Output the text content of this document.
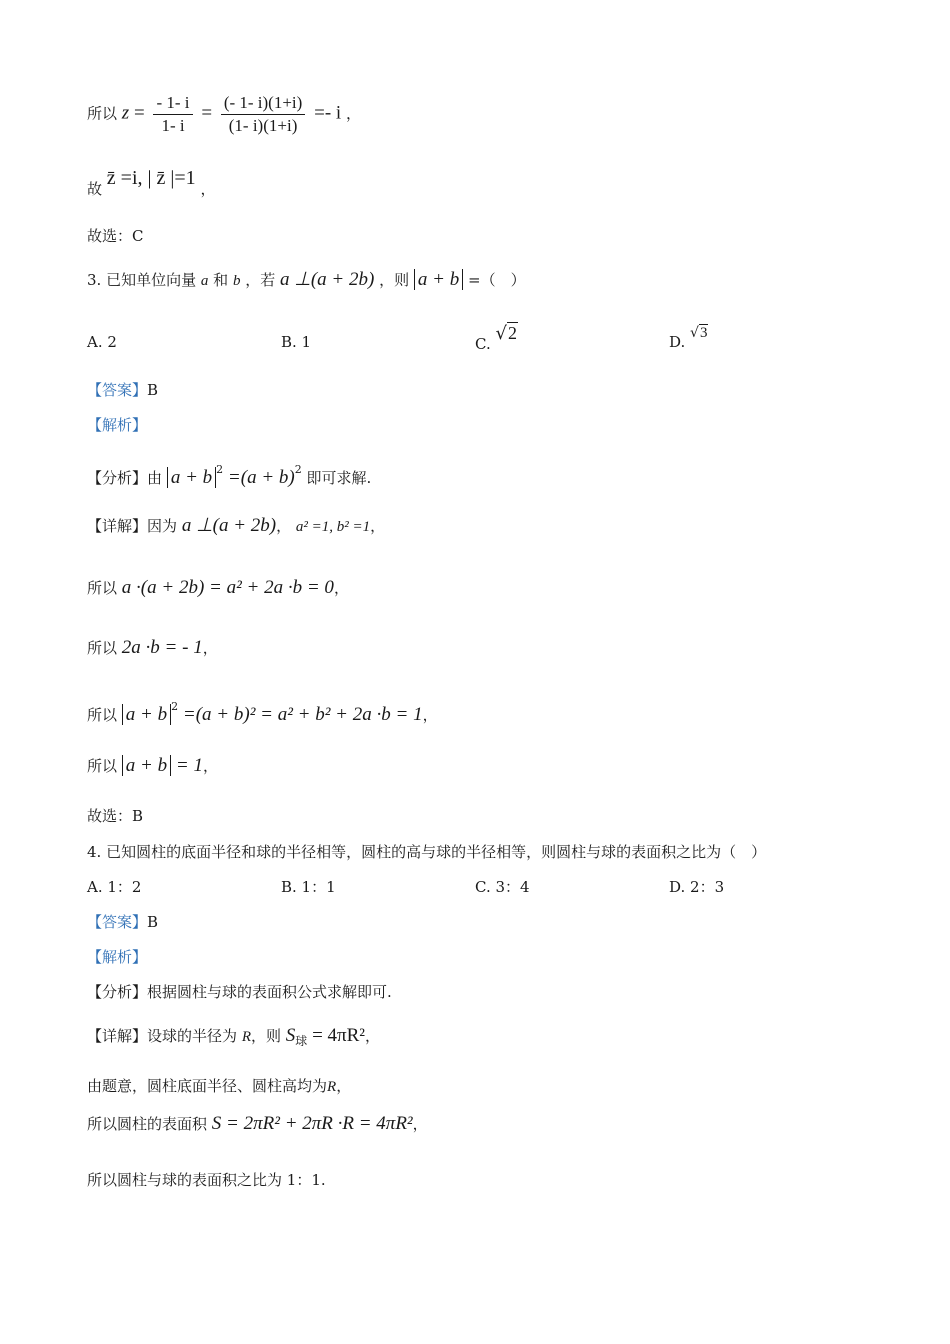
所以 $z = \frac{- 1- i}{1- i} = \frac{(- 1- i)(1+i)}{(1- i)(1+i)} =- i$ ，
故 z̄ =i, | z̄ |=1 ，
故选：C
3. 已知单位向量 a 和 b ，若 a ⊥(a + 2b) ，则 a + b =（　）
A. 2	B. 1	C. √2	D. √3
【答案】B
【解析】
【分析】由 a + b $^2 =(a + b)^2$ 即可求解.
【详解】因为 a ⊥(a + 2b)， a² =1, b² =1，
所以 a ·(a + 2b) = a² + 2a ·b = 0，
所以 2a ·b = - 1，
所以 a + b $^2$ =(a + b)² = a² + b² + 2a ·b = 1，
所以 a + b = 1，
故选：B
4. 已知圆柱的底面半径和球的半径相等，圆柱的高与球的半径相等，则圆柱与球的表面积之比为（　）
A. 1：2	B. 1：1	C. 3：4	D. 2：3
【答案】B
【解析】
【分析】根据圆柱与球的表面积公式求解即可.
【详解】设球的半径为 R，则 $S_球 = 4\pi R^2$，
由题意，圆柱底面半径、圆柱高均为R，
所以圆柱的表面积 S = 2πR² + 2πR ·R = 4πR²，
所以圆柱与球的表面积之比为 1：1.
